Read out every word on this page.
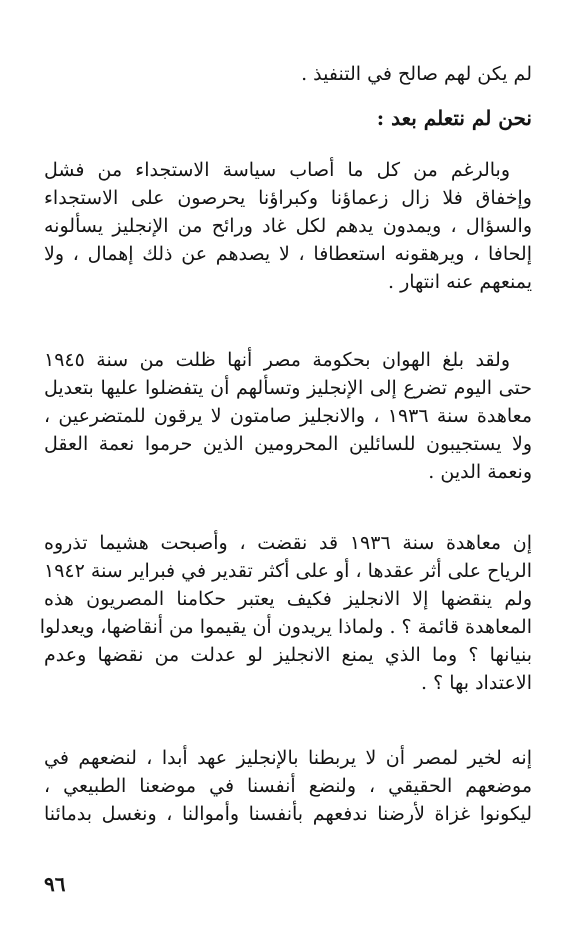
لم يكن لهم صالح في التنفيذ .
نحن لم نتعلم بعد :
وبالرغم من كل ما أصاب سياسة الاستجداء من فشل
وإخفاق فلا زال زعماؤنا وكبراؤنا يحرصون على الاستجداء
والسؤال ، ويمدون يدهم لكل غاد ورائح من الإنجليز يسألونه
إلحافا ، ويرهقونه استعطافا ، لا يصدهم عن ذلك إهمال ، ولا
يمنعهم عنه انتهار .
ولقد بلغ الهوان بحكومة مصر أنها ظلت من سنة ١٩٤٥
حتى اليوم تضرع إلى الإنجليز وتسألهم أن يتفضلوا عليها بتعديل
معاهدة سنة ١٩٣٦ ، والانجليز صامتون لا يرقون للمتضرعين ،
ولا يستجيبون للسائلين المحرومين الذين حرموا نعمة العقل
ونعمة الدين .
إن معاهدة سنة ١٩٣٦ قد نقضت ، وأصبحت هشيما تذروه
الرياح على أثر عقدها ، أو على أكثر تقدير في فبراير سنة ١٩٤٢
ولم ينقضها إلا الانجليز فكيف يعتبر حكامنا المصريون هذه
المعاهدة قائمة ؟ . ولماذا يريدون أن يقيموا من أنقاضها، ويعدلوا
بنيانها ؟ وما الذي يمنع الانجليز لو عدلت من نقضها وعدم
الاعتداد بها ؟ .
إنه لخير لمصر أن لا يربطنا بالإنجليز عهد أبدا ، لنضعهم في
موضعهم الحقيقي ، ولنضع أنفسنا في موضعنا الطبيعي ،
ليكونوا غزاة لأرضنا ندفعهم بأنفسنا وأموالنا ، ونغسل بدمائنا
٩٦
